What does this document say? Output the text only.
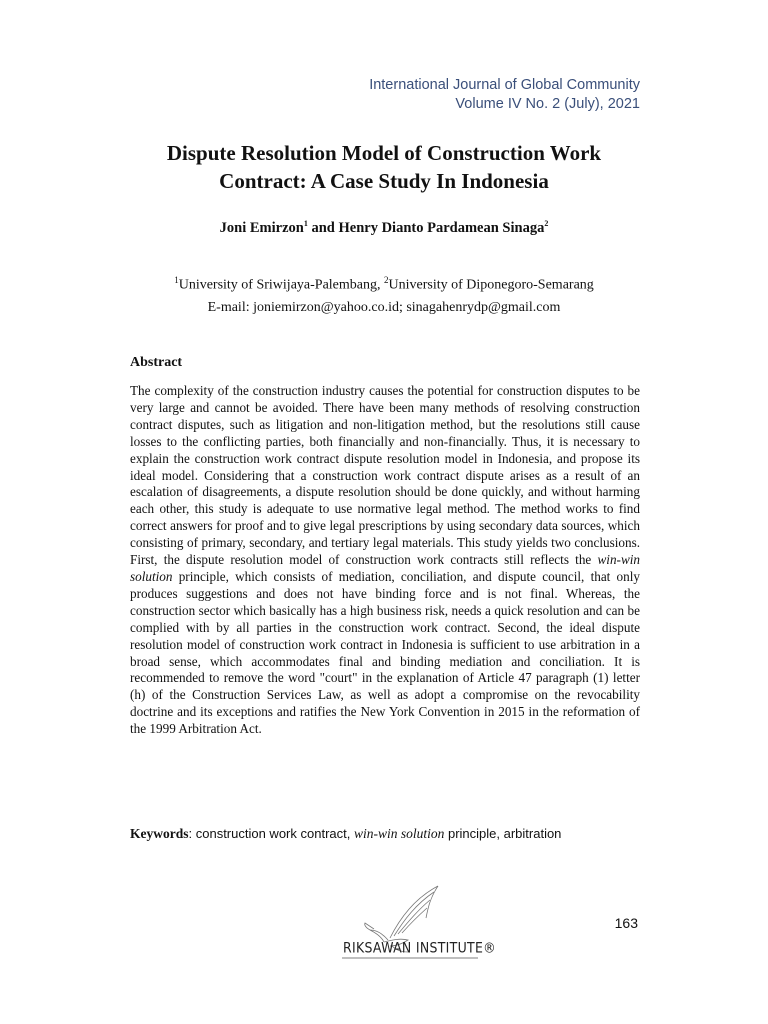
International Journal of Global Community
Volume IV No. 2 (July), 2021
Dispute Resolution Model of Construction Work
Contract: A Case Study In Indonesia
Joni Emirzon$^1$ and Henry Dianto Pardamean Sinaga$^2$
$^1$University of Sriwijaya-Palembang, $^2$University of Diponegoro-Semarang
E-mail: joniemirzon@yahoo.co.id; sinagahenrydp@gmail.com
Abstract
The complexity of the construction industry causes the potential for construction disputes to be very large and cannot be avoided. There have been many methods of resolving construction contract disputes, such as litigation and non-litigation method, but the resolutions still cause losses to the conflicting parties, both financially and non-financially. Thus, it is necessary to explain the construction work contract dispute resolution model in Indonesia, and propose its ideal model. Considering that a construction work contract dispute arises as a result of an escalation of disagreements, a dispute resolution should be done quickly, and without harming each other, this study is adequate to use normative legal method. The method works to find correct answers for proof and to give legal prescriptions by using secondary data sources, which consisting of primary, secondary, and tertiary legal materials. This study yields two conclusions. First, the dispute resolution model of construction work contracts still reflects the win-win solution principle, which consists of mediation, conciliation, and dispute council, that only produces suggestions and does not have binding force and is not final. Whereas, the construction sector which basically has a high business risk, needs a quick resolution and can be complied with by all parties in the construction work contract. Second, the ideal dispute resolution model of construction work contract in Indonesia is sufficient to use arbitration in a broad sense, which accommodates final and binding mediation and conciliation. It is recommended to remove the word "court" in the explanation of Article 47 paragraph (1) letter (h) of the Construction Services Law, as well as adopt a compromise on the revocability doctrine and its exceptions and ratifies the New York Convention in 2015 in the reformation of the 1999 Arbitration Act.
Keywords: construction work contract, win-win solution principle, arbitration
163
RIKSAWAN INSTITUTE®
